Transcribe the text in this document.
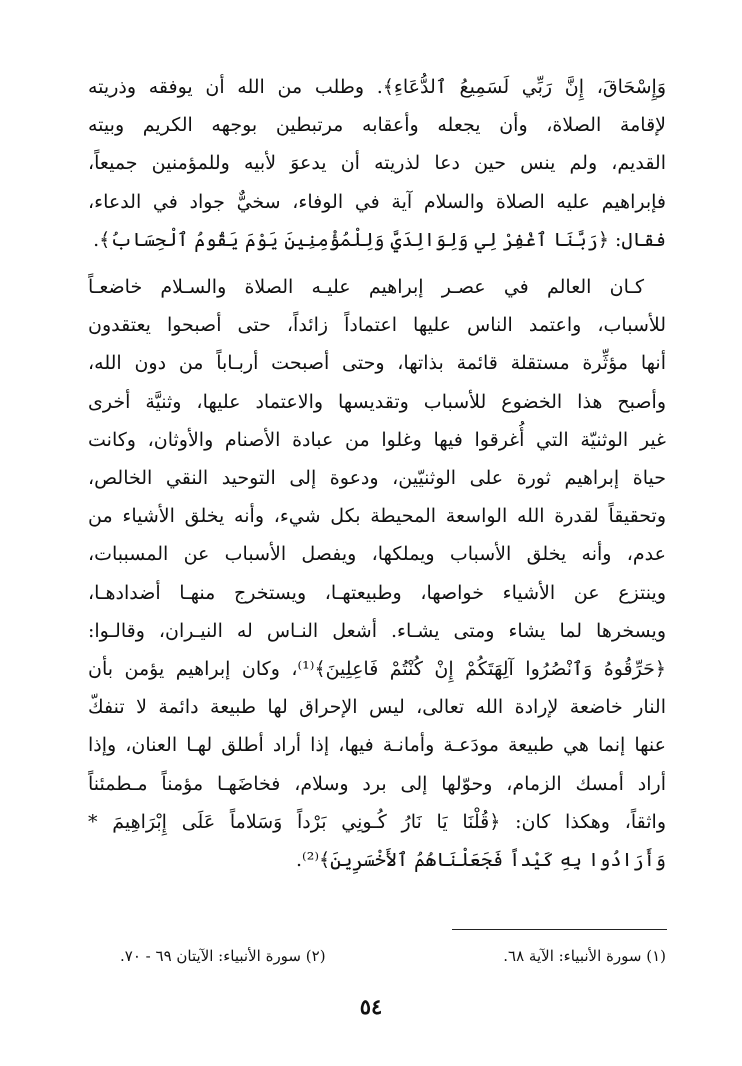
وَإِسْحَاقَ، إِنَّ رَبِّي لَسَمِيعُ ٱلدُّعَاءِ﴾. وطلب من الله أن يوفقه وذريته
لإقامة الصلاة، وأن يجعله وأعقابه مرتبطين بوجهه الكريم وبيته
القديم، ولم ينس حين دعا لذريته أن يدعوَ لأبيه وللمؤمنين جميعاً،
فإبراهيم عليه الصلاة والسلام آية في الوفاء، سخيٌّ جواد في الدعاء،
فقال: ﴿رَبَّنَا ٱغْفِرْ لِي وَلِوَالِدَيَّ وَلِلْمُؤْمِنِينَ يَوْمَ يَقُومُ ٱلْحِسَابُ﴾.

كـان العالم في عصـر إبراهيم عليـه الصلاة والسـلام خاضعـاً
للأسباب، واعتمد الناس عليها اعتماداً زائداً، حتى أصبحوا يعتقدون
أنها مؤثِّرة مستقلة قائمة بذاتها، وحتى أصبحت أربـاباً من دون الله،
وأصبح هذا الخضوع للأسباب وتقديسها والاعتماد عليها، وثنيَّة أخرى
غير الوثنيّة التي أُغرقوا فيها وغلوا من عبادة الأصنام والأوثان، وكانت
حياة إبراهيم ثورة على الوثنيّين، ودعوة إلى التوحيد النقي الخالص،
وتحقيقاً لقدرة الله الواسعة المحيطة بكل شيء، وأنه يخلق الأشياء من
عدم، وأنه يخلق الأسباب ويملكها، ويفصل الأسباب عن المسببات،
وينتزع عن الأشياء خواصها، وطبيعتهـا، ويستخرج منهـا أضدادهـا،
ويسخرها لما يشاء ومتى يشـاء. أشعل النـاس له النيـران، وقالـوا:
﴿حَرِّقُوهُ وَٱنْصُرُوا آلِهَتَكُمْ إِنْ كُنْتُمْ فَاعِلِينَ﴾⁽¹⁾، وكان إبراهيم يؤمن بأن
النار خاضعة لإرادة الله تعالى، ليس الإحراق لها طبيعة دائمة لا تنفكّ
عنها إنما هي طبيعة مودَعـة وأمانـة فيها، إذا أراد أطلق لهـا العنان، وإذا
أراد أمسك الزمام، وحوّلها إلى برد وسلام، فخاضَهـا مؤمناً مـطمئناً
واثقاً، وهكذا كان: ﴿قُلْنَا يَا نَارُ كُـونِي بَرْداً وَسَلاماً عَلَى إِبْرَاهِيمَ *
وَأَرَادُوا بِهِ كَيْداً فَجَعَلْنَاهُمُ ٱلأَخْسَرِينَ﴾⁽²⁾.

(١) سورة الأنبياء: الآية ٦٨.
(٢) سورة الأنبياء: الآيتان ٦٩ - ٧٠.
٥٤
